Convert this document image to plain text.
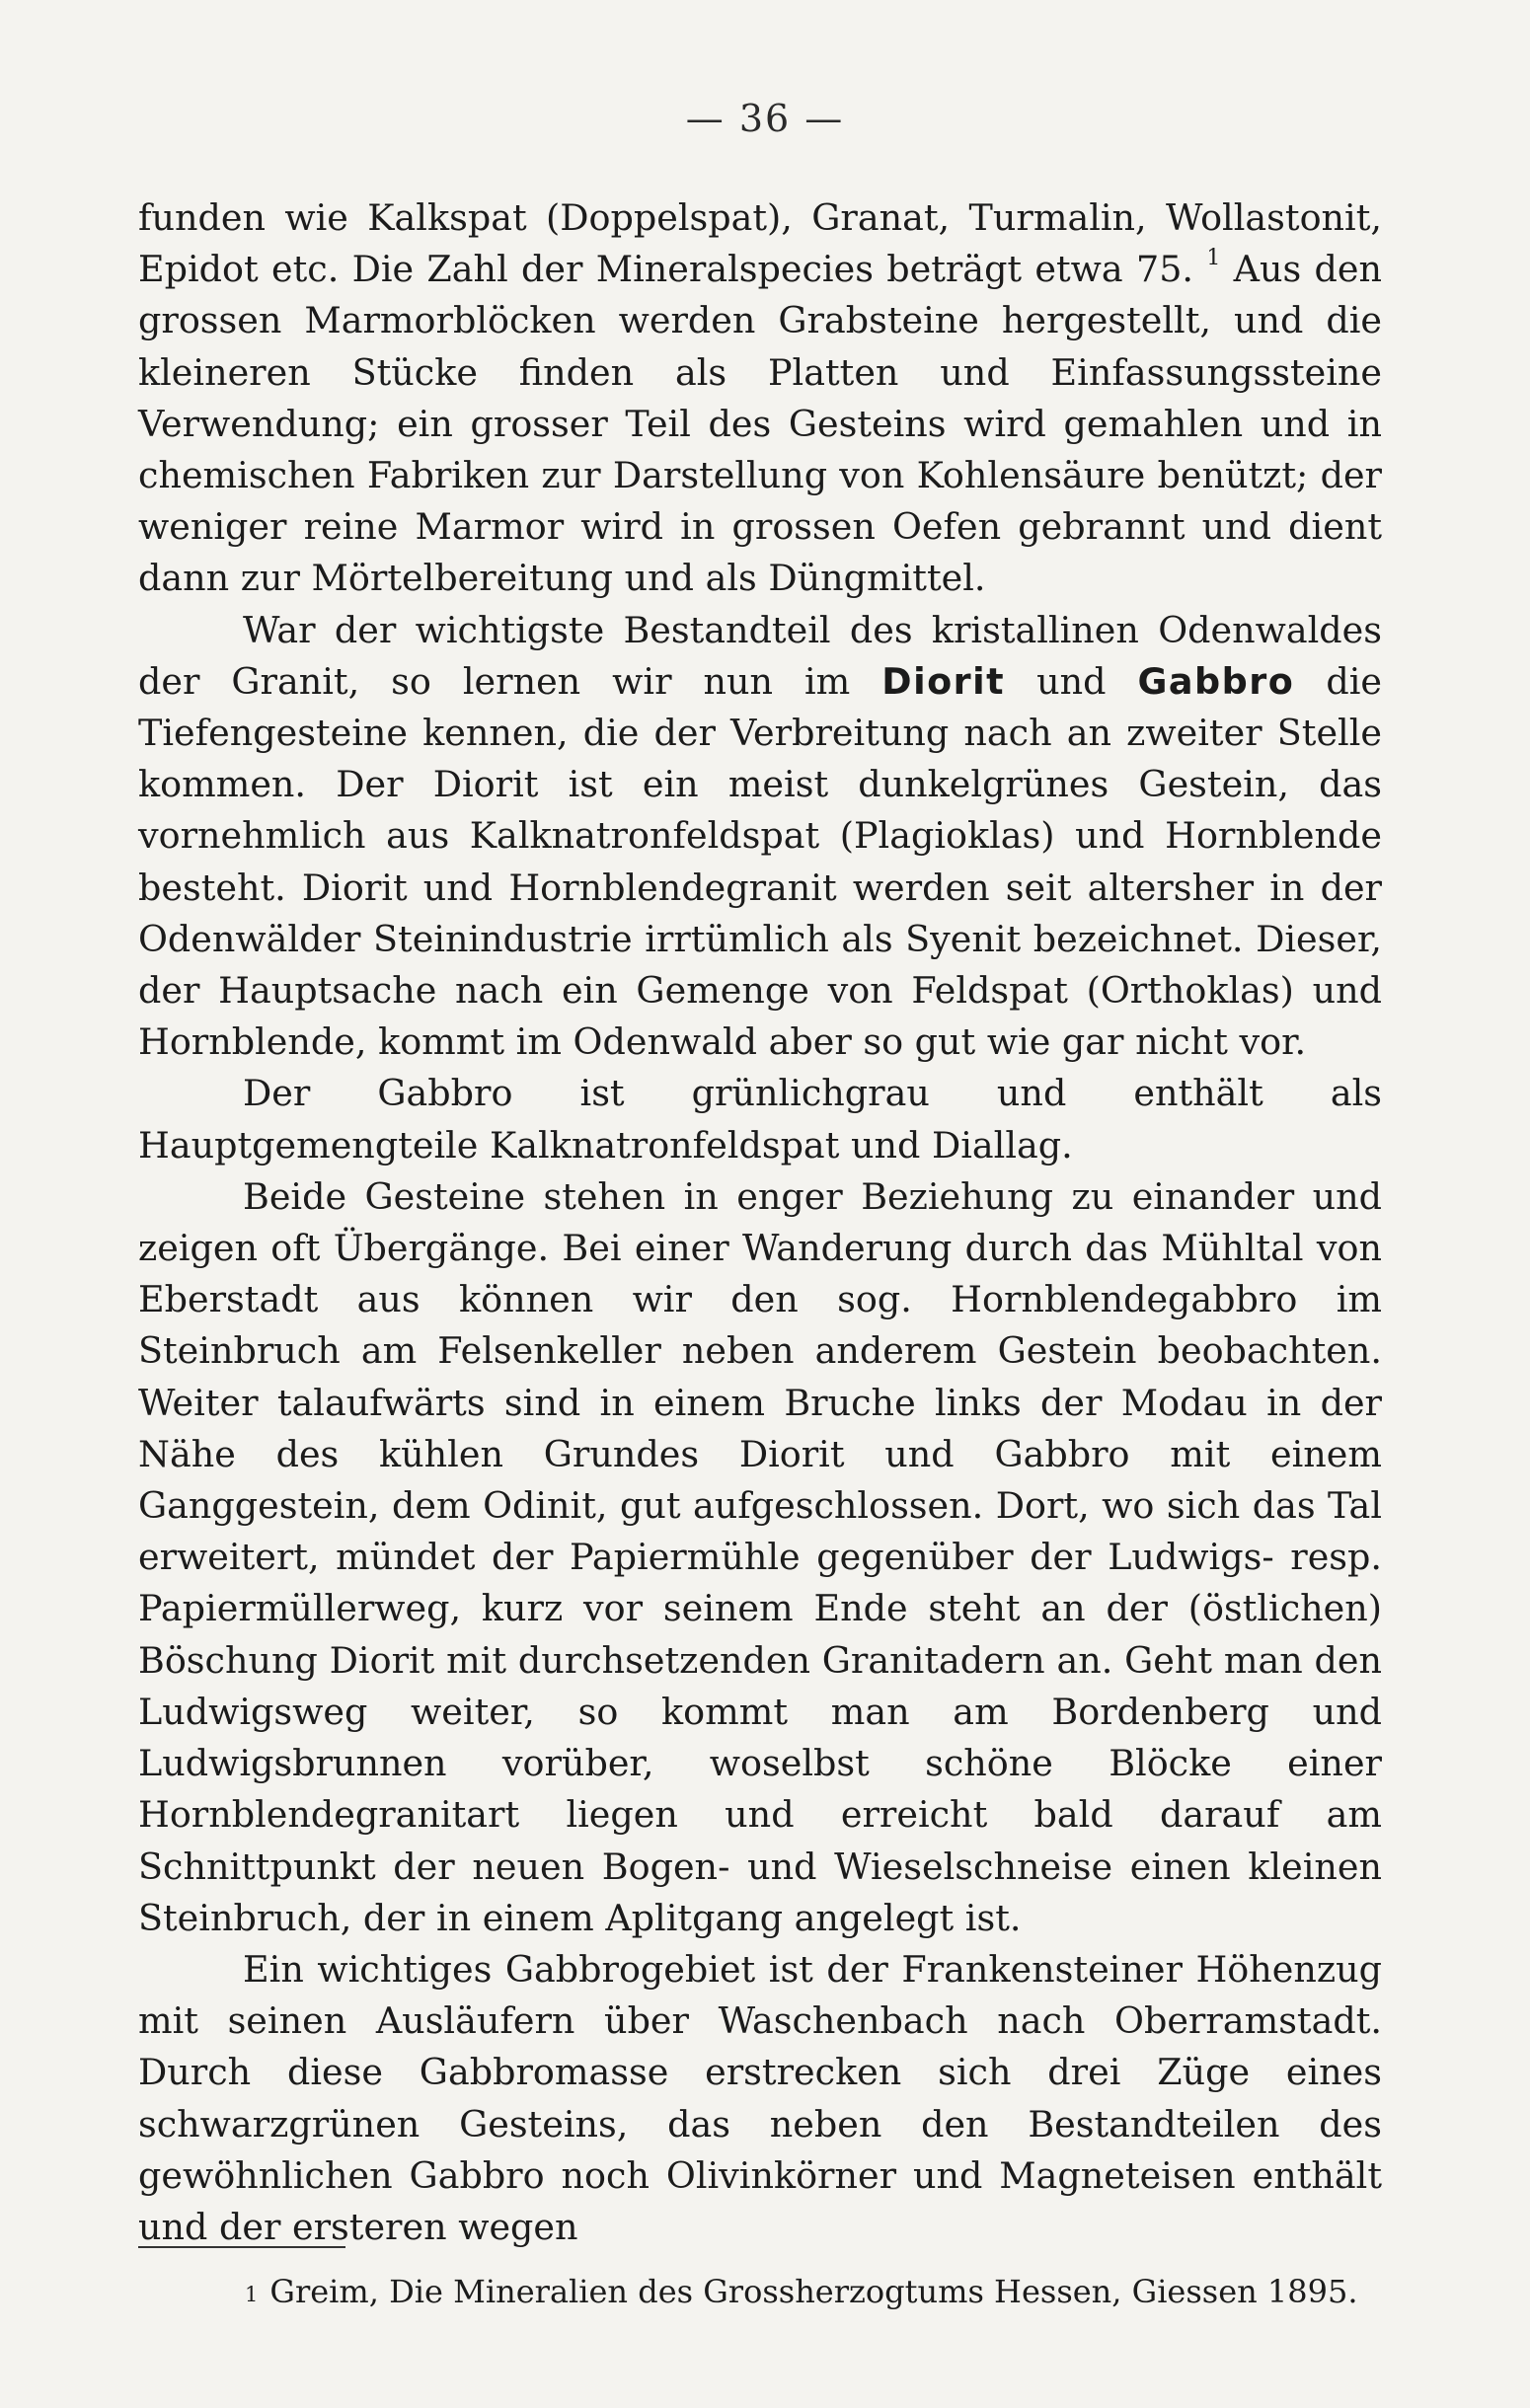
— 36 —

funden wie Kalkspat (Doppelspat), Granat, Turmalin, Wollastonit, Epidot etc. Die Zahl der Mineralspecies beträgt etwa 75. $^1$ Aus den grossen Marmorblöcken werden Grabsteine hergestellt, und die kleineren Stücke finden als Platten und Einfassungssteine Verwendung; ein grosser Teil des Gesteins wird gemahlen und in chemischen Fabriken zur Darstellung von Kohlensäure benützt; der weniger reine Marmor wird in grossen Oefen gebrannt und dient dann zur Mörtelbereitung und als Düngmittel.

War der wichtigste Bestandteil des kristallinen Odenwaldes der Granit, so lernen wir nun im Diorit und Gabbro die Tiefengesteine kennen, die der Verbreitung nach an zweiter Stelle kommen. Der Diorit ist ein meist dunkelgrünes Gestein, das vornehmlich aus Kalknatronfeldspat (Plagioklas) und Hornblende besteht. Diorit und Hornblendegranit werden seit altersher in der Odenwälder Steinindustrie irrtümlich als Syenit bezeichnet. Dieser, der Hauptsache nach ein Gemenge von Feldspat (Orthoklas) und Hornblende, kommt im Odenwald aber so gut wie gar nicht vor.

Der Gabbro ist grünlichgrau und enthält als Hauptgemengteile Kalknatronfeldspat und Diallag.

Beide Gesteine stehen in enger Beziehung zu einander und zeigen oft Übergänge. Bei einer Wanderung durch das Mühltal von Eberstadt aus können wir den sog. Hornblendegabbro im Steinbruch am Felsenkeller neben anderem Gestein beobachten. Weiter talaufwärts sind in einem Bruche links der Modau in der Nähe des kühlen Grundes Diorit und Gabbro mit einem Ganggestein, dem Odinit, gut aufgeschlossen. Dort, wo sich das Tal erweitert, mündet der Papiermühle gegenüber der Ludwigs- resp. Papiermüllerweg, kurz vor seinem Ende steht an der (östlichen) Böschung Diorit mit durchsetzenden Granitadern an. Geht man den Ludwigsweg weiter, so kommt man am Bordenberg und Ludwigsbrunnen vorüber, woselbst schöne Blöcke einer Hornblendegranitart liegen und erreicht bald darauf am Schnittpunkt der neuen Bogen- und Wieselschneise einen kleinen Steinbruch, der in einem Aplitgang angelegt ist.

Ein wichtiges Gabbrogebiet ist der Frankensteiner Höhenzug mit seinen Ausläufern über Waschenbach nach Oberramstadt. Durch diese Gabbromasse erstrecken sich drei Züge eines schwarzgrünen Gesteins, das neben den Bestandteilen des gewöhnlichen Gabbro noch Olivinkörner und Magneteisen enthält und der ersteren wegen

$^1$ Greim, Die Mineralien des Grossherzogtums Hessen, Giessen 1895.
